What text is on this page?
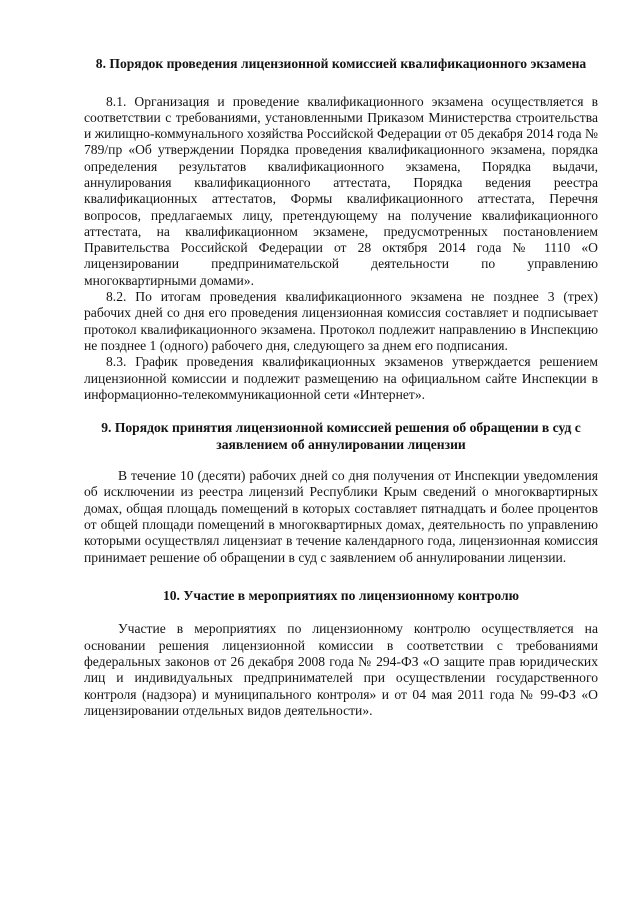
8. Порядок проведения лицензионной комиссией квалификационного экзамена

8.1. Организация и проведение квалификационного экзамена осуществляется в соответствии с требованиями, установленными Приказом Министерства строительства и жилищно-коммунального хозяйства Российской Федерации от 05 декабря 2014 года № 789/пр «Об утверждении Порядка проведения квалификационного экзамена, порядка определения результатов квалификационного экзамена, Порядка выдачи, аннулирования квалификационного аттестата, Порядка ведения реестра квалификационных аттестатов, Формы квалификационного аттестата, Перечня вопросов, предлагаемых лицу, претендующему на получение квалификационного аттестата, на квалификационном экзамене, предусмотренных постановлением Правительства Российской Федерации от 28 октября 2014 года № 1110 «О лицензировании предпринимательской деятельности по управлению многоквартирными домами».

8.2. По итогам проведения квалификационного экзамена не позднее 3 (трех) рабочих дней со дня его проведения лицензионная комиссия составляет и подписывает протокол квалификационного экзамена. Протокол подлежит направлению в Инспекцию не позднее 1 (одного) рабочего дня, следующего за днем его подписания.

8.3. График проведения квалификационных экзаменов утверждается решением лицензионной комиссии и подлежит размещению на официальном сайте Инспекции в информационно-телекоммуникационной сети «Интернет».

9. Порядок принятия лицензионной комиссией решения об обращении в суд с заявлением об аннулировании лицензии

В течение 10 (десяти) рабочих дней со дня получения от Инспекции уведомления об исключении из реестра лицензий Республики Крым сведений о многоквартирных домах, общая площадь помещений в которых составляет пятнадцать и более процентов от общей площади помещений в многоквартирных домах, деятельность по управлению которыми осуществлял лицензиат в течение календарного года, лицензионная комиссия принимает решение об обращении в суд с заявлением об аннулировании лицензии.

10. Участие в мероприятиях по лицензионному контролю

Участие в мероприятиях по лицензионному контролю осуществляется на основании решения лицензионной комиссии в соответствии с требованиями федеральных законов от 26 декабря 2008 года № 294-ФЗ «О защите прав юридических лиц и индивидуальных предпринимателей при осуществлении государственного контроля (надзора) и муниципального контроля» и от 04 мая 2011 года № 99-ФЗ «О лицензировании отдельных видов деятельности».
